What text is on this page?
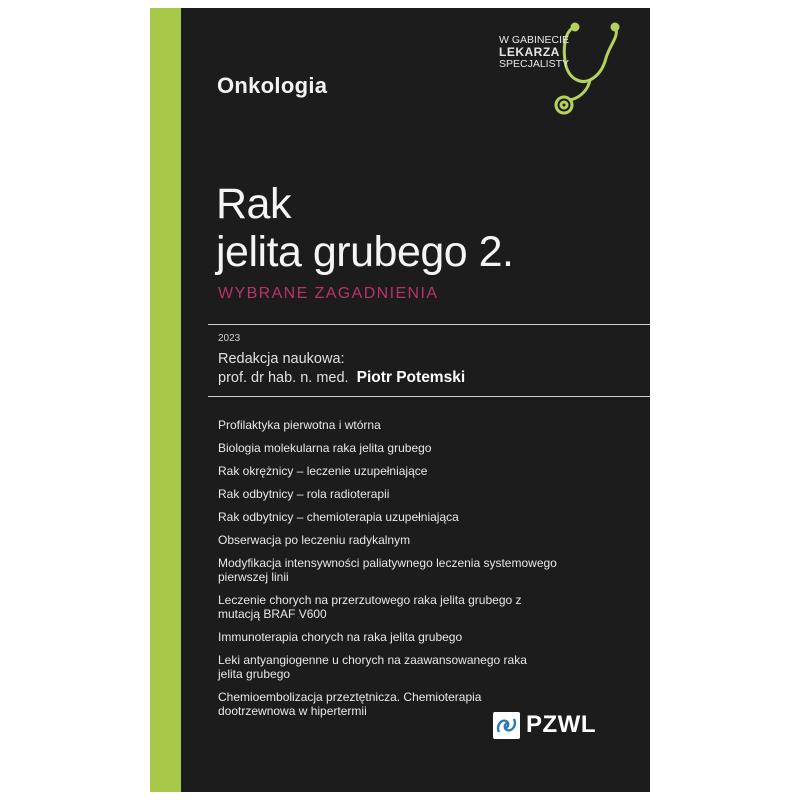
Onkologia
W GABINECIE
LEKARZA
SPECJALISTY
Rak
jelita grubego 2.
WYBRANE ZAGADNIENIA
2023
Redakcja naukowa:
prof. dr hab. n. med. Piotr Potemski
Profilaktyka pierwotna i wtórna
Biologia molekularna raka jelita grubego
Rak okrężnicy – leczenie uzupełniające
Rak odbytnicy – rola radioterapii
Rak odbytnicy – chemioterapia uzupełniająca
Obserwacja po leczeniu radykalnym
Modyfikacja intensywności paliatywnego leczenia systemowego pierwszej linii
Leczenie chorych na przerzutowego raka jelita grubego z mutacją BRAF V600
Immunoterapia chorych na raka jelita grubego
Leki antyangiogenne u chorych na zaawansowanego raka jelita grubego
Chemioembolizacja przeztętnicza. Chemioterapia dootrzewnowa w hipertermii	PZWL
